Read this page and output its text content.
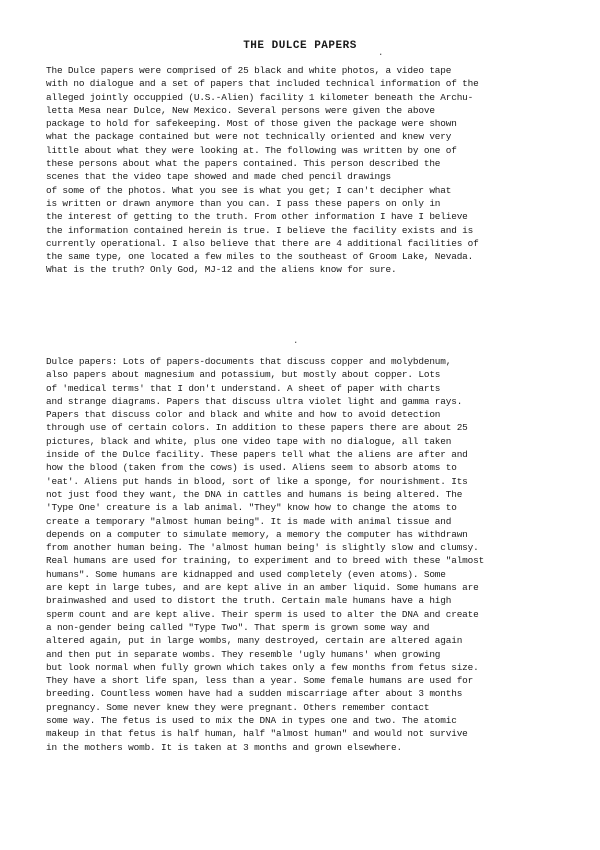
THE DULCE PAPERS
The Dulce papers were comprised of 25 black and white photos, a video tape
with no dialogue and a set of papers that included technical information of the
alleged jointly occuppied (U.S.-Alien) facility 1 kilometer beneath the Archu-
letta Mesa near Dulce, New Mexico. Several persons were given the above
package to hold for safekeeping. Most of those given the package were shown
what the package contained but were not technically oriented and knew very
little about what they were looking at. The following was written by one of
these persons about what the papers contained. This person described the
scenes that the video tape showed and made ched pencil drawings
of some of the photos. What you see is what you get; I can't decipher what
is written or drawn anymore than you can. I pass these papers on only in
the interest of getting to the truth. From other information I have I believe
the information contained herein is true. I believe the facility exists and is
currently operational. I also believe that there are 4 additional facilities of
the same type, one located a few miles to the southeast of Groom Lake, Nevada.
What is the truth? Only God, MJ-12 and the aliens know for sure.
Dulce papers: Lots of papers-documents that discuss copper and molybdenum,
also papers about magnesium and potassium, but mostly about copper. Lots
of 'medical terms' that I don't understand. A sheet of paper with charts
and strange diagrams. Papers that discuss ultra violet light and gamma rays.
Papers that discuss color and black and white and how to avoid detection
through use of certain colors. In addition to these papers there are about 25
pictures, black and white, plus one video tape with no dialogue, all taken
inside of the Dulce facility. These papers tell what the aliens are after and
how the blood (taken from the cows) is used. Aliens seem to absorb atoms to
'eat'. Aliens put hands in blood, sort of like a sponge, for nourishment. Its
not just food they want, the DNA in cattles and humans is being altered. The
'Type One' creature is a lab animal. "They" know how to change the atoms to
create a temporary "almost human being". It is made with animal tissue and
depends on a computer to simulate memory, a memory the computer has withdrawn
from another human being. The 'almost human being' is slightly slow and clumsy.
Real humans are used for training, to experiment and to breed with these "almost
humans". Some humans are kidnapped and used completely (even atoms). Some
are kept in large tubes, and are kept alive in an amber liquid. Some humans are
brainwashed and used to distort the truth. Certain male humans have a high
sperm count and are kept alive. Their sperm is used to alter the DNA and create
a non-gender being called "Type Two". That sperm is grown some way and
altered again, put in large wombs, many destroyed, certain are altered again
and then put in separate wombs. They resemble 'ugly humans' when growing
but look normal when fully grown which takes only a few months from fetus size.
They have a short life span, less than a year. Some female humans are used for
breeding. Countless women have had a sudden miscarriage after about 3 months
pregnancy. Some never knew they were pregnant. Others remember contact
some way. The fetus is used to mix the DNA in types one and two. The atomic
makeup in that fetus is half human, half "almost human" and would not survive
in the mothers womb. It is taken at 3 months and grown elsewhere.
·
·
